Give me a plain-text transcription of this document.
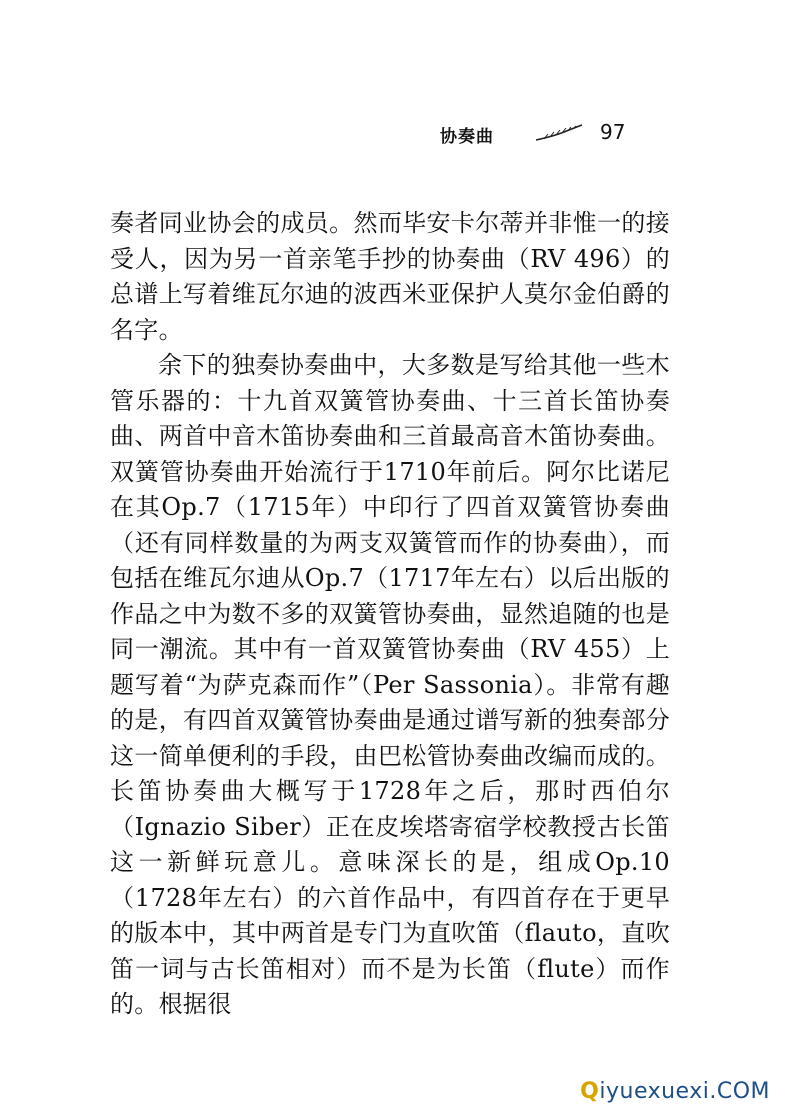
协奏曲	97

奏者同业协会的成员。然而毕安卡尔蒂并非惟一的接受人，因为另一首亲笔手抄的协奏曲（RV 496）的总谱上写着维瓦尔迪的波西米亚保护人莫尔金伯爵的名字。

余下的独奏协奏曲中，大多数是写给其他一些木管乐器的：十九首双簧管协奏曲、十三首长笛协奏曲、两首中音木笛协奏曲和三首最高音木笛协奏曲。双簧管协奏曲开始流行于1710年前后。阿尔比诺尼在其Op.7（1715年）中印行了四首双簧管协奏曲（还有同样数量的为两支双簧管而作的协奏曲），而包括在维瓦尔迪从Op.7（1717年左右）以后出版的作品之中为数不多的双簧管协奏曲，显然追随的也是同一潮流。其中有一首双簧管协奏曲（RV 455）上题写着“为萨克森而作”（Per Sassonia）。非常有趣的是，有四首双簧管协奏曲是通过谱写新的独奏部分这一简单便利的手段，由巴松管协奏曲改编而成的。长笛协奏曲大概写于1728年之后，那时西伯尔（Ignazio Siber）正在皮埃塔寄宿学校教授古长笛这一新鲜玩意儿。意味深长的是，组成Op.10（1728年左右）的六首作品中，有四首存在于更早的版本中，其中两首是专门为直吹笛（flauto，直吹笛一词与古长笛相对）而不是为长笛（flute）而作的。根据很

Qiyuexuexi.COM
